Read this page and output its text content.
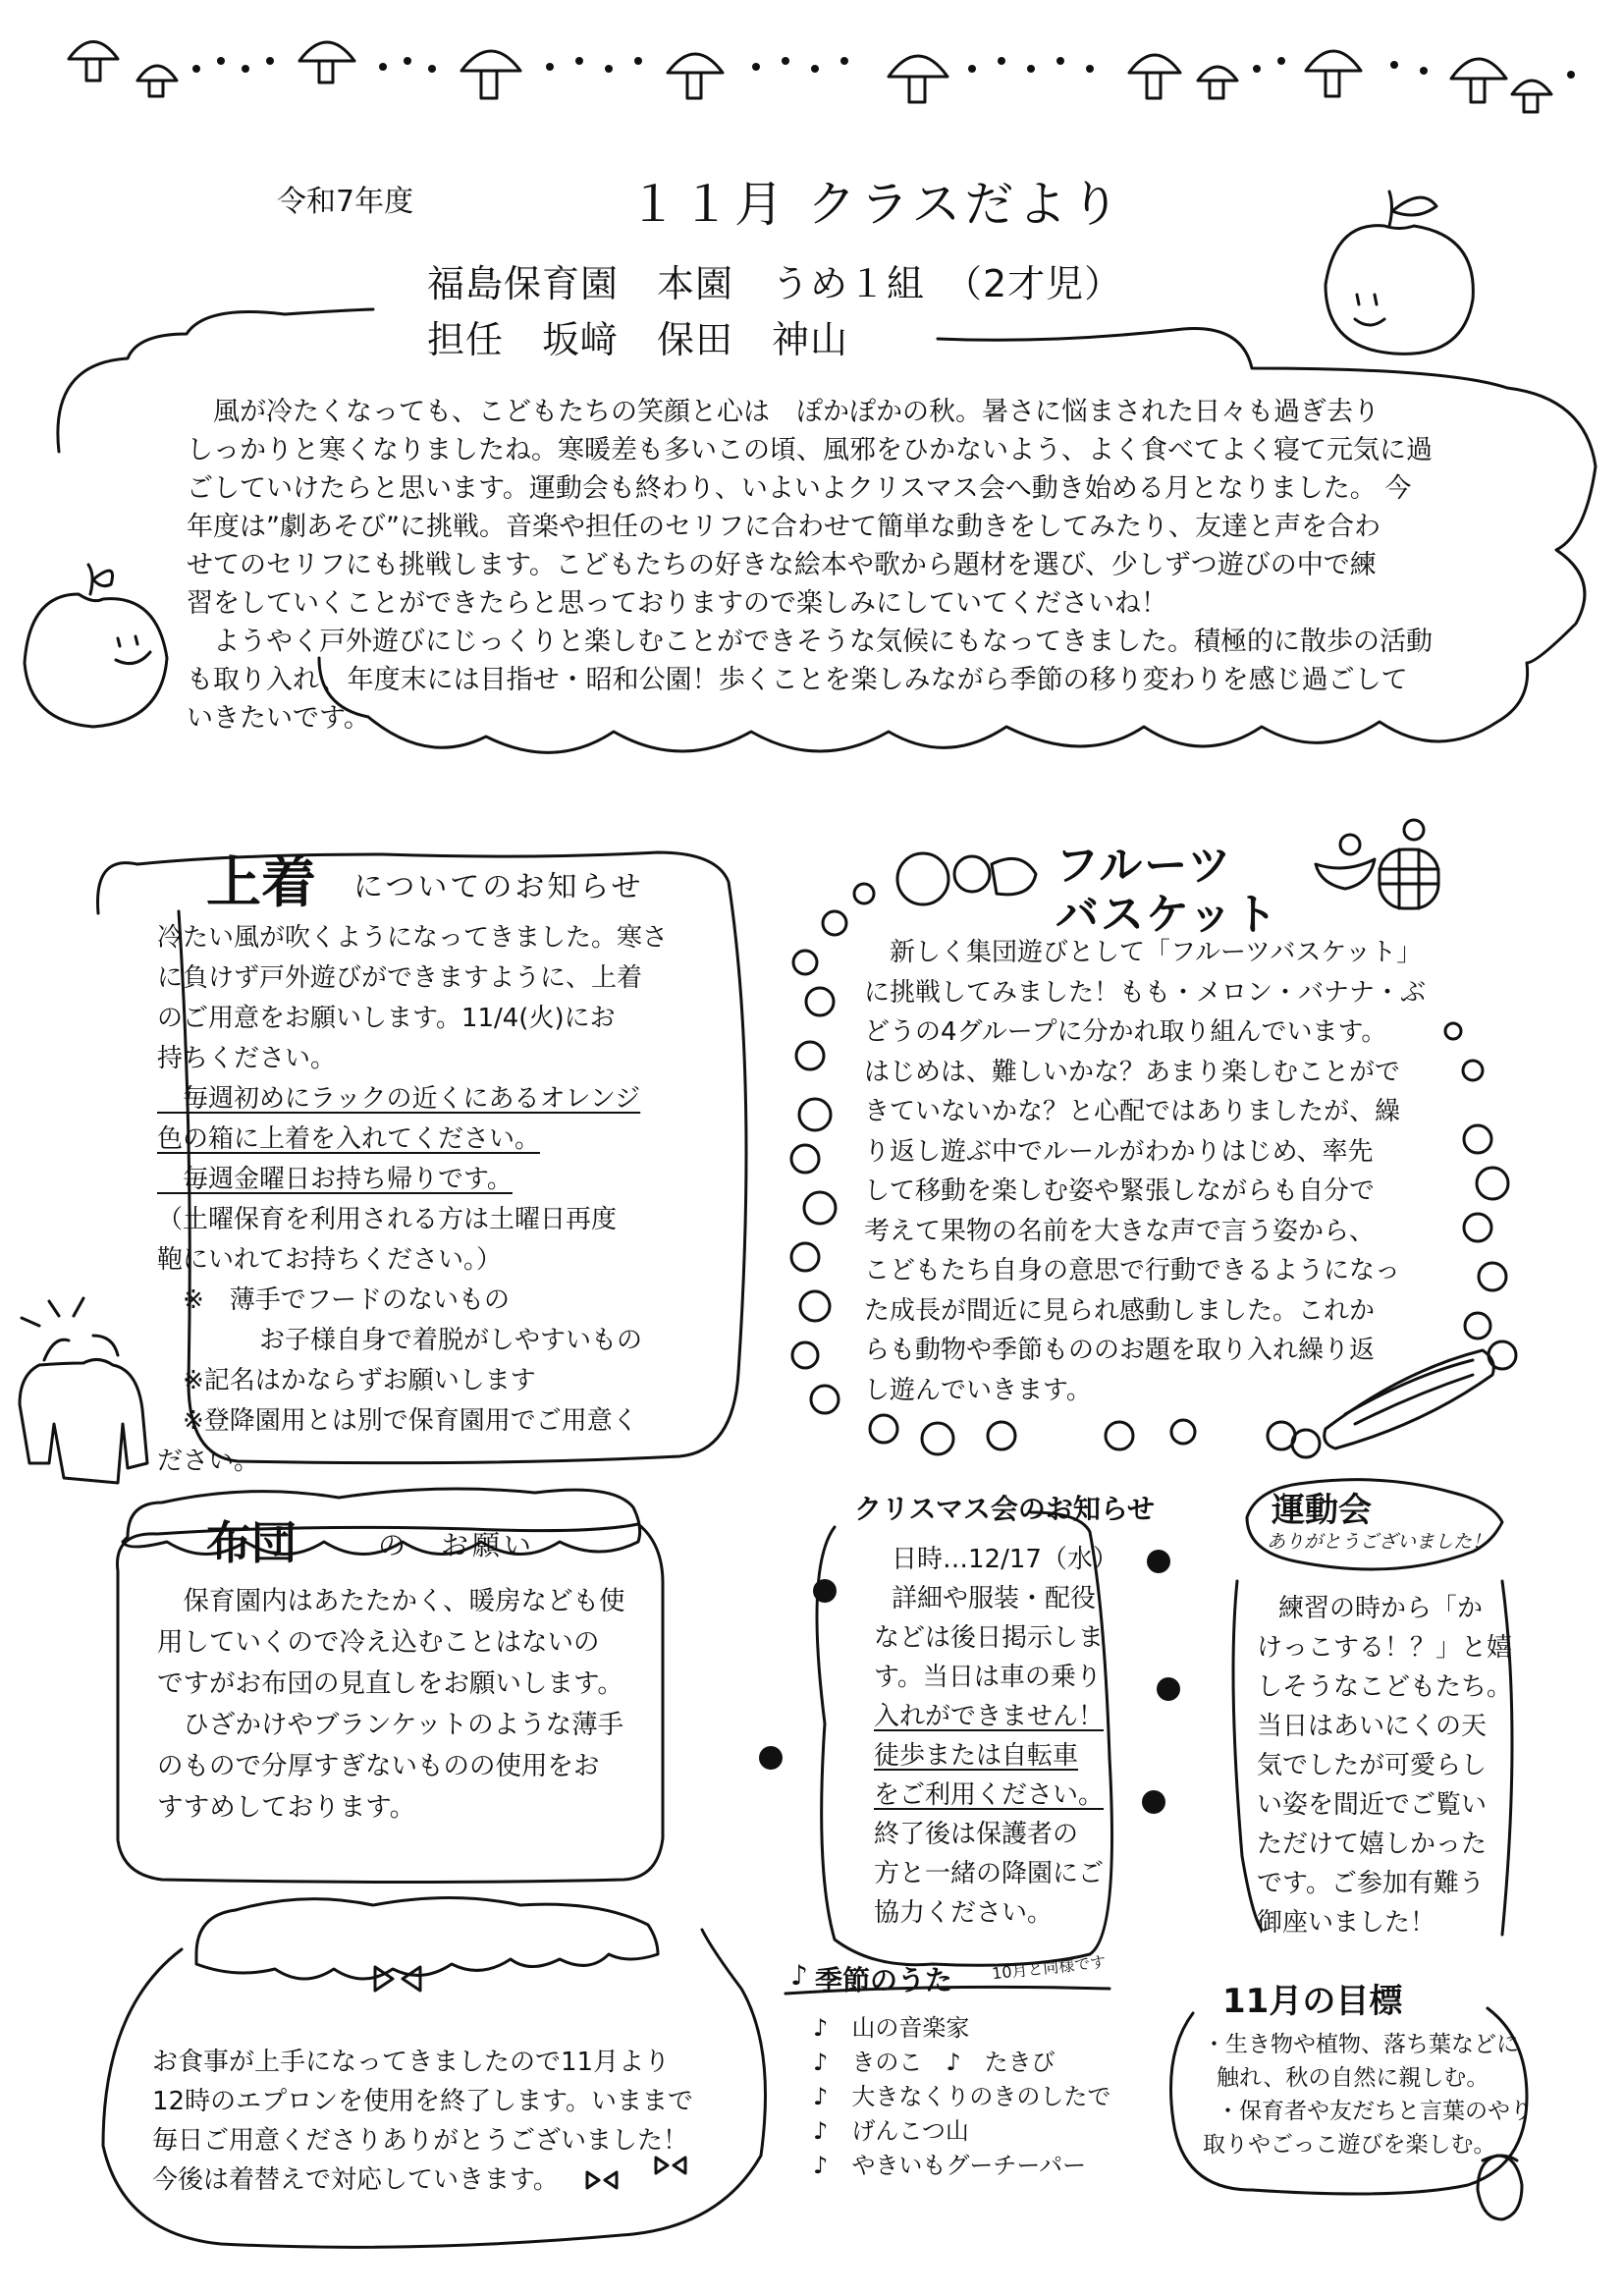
令和7年度	１１月 クラスだより
福島保育園　本園　うめ１組　（2才児）
担任　坂﨑　保田　神山
　風が冷たくなっても、こどもたちの笑顔と心は　ぽかぽかの秋。暑さに悩まされた日々も過ぎ去り
しっかりと寒くなりましたね。寒暖差も多いこの頃、風邪をひかないよう、よく食べてよく寝て元気に過
ごしていけたらと思います。運動会も終わり、いよいよクリスマス会へ動き始める月となりました。 今
年度は”劇あそび”に挑戦。音楽や担任のセリフに合わせて簡単な動きをしてみたり、友達と声を合わ
せてのセリフにも挑戦します。こどもたちの好きな絵本や歌から題材を選び、少しずつ遊びの中で練
習をしていくことができたらと思っておりますので楽しみにしていてくださいね！
　ようやく戸外遊びにじっくりと楽しむことができそうな気候にもなってきました。積極的に散歩の活動
も取り入れ、年度末には目指せ・昭和公園！歩くことを楽しみながら季節の移り変わりを感じ過ごして
いきたいです。
上着 についてのお知らせ
冷たい風が吹くようになってきました。寒さ
に負けず戸外遊びができますように、上着
のご用意をお願いします。11/4(火)にお
持ちください。
　毎週初めにラックの近くにあるオレンジ
色の箱に上着を入れてください。
　毎週金曜日お持ち帰りです。
（土曜保育を利用される方は土曜日再度
鞄にいれてお持ちください。）
　※　薄手でフードのないもの
　　　　お子様自身で着脱がしやすいもの
　※記名はかならずお願いします
　※登降園用とは別で保育園用でご用意く
ださい。
フルーツ
バスケット
　新しく集団遊びとして「フルーツバスケット」
に挑戦してみました！もも・メロン・バナナ・ぶ
どうの4グループに分かれ取り組んでいます。
はじめは、難しいかな？あまり楽しむことがで
きていないかな？と心配ではありましたが、繰
り返し遊ぶ中でルールがわかりはじめ、率先
して移動を楽しむ姿や緊張しながらも自分で
考えて果物の名前を大きな声で言う姿から、
こどもたち自身の意思で行動できるようになっ
た成長が間近に見られ感動しました。これか
らも動物や季節もののお題を取り入れ繰り返
し遊んでいきます。
布団	の　お願い
　保育園内はあたたかく、暖房なども使
用していくので冷え込むことはないの
ですがお布団の見直しをお願いします。
　ひざかけやブランケットのような薄手
のもので分厚すぎないものの使用をお
すすめしております。
クリスマス会のお知らせ
日時…12/17（水）
詳細や服装・配役
などは後日掲示しま
す。当日は車の乗り
入れができません！
徒歩または自転車
をご利用ください。
終了後は保護者の
方と一緒の降園にご
協力ください。
運動会
ありがとうございました！
練習の時から「か
けっこする！？」と嬉
しそうなこどもたち。
当日はあいにくの天
気でしたが可愛らし
い姿を間近でご覧い
ただけて嬉しかった
です。ご参加有難う
御座いました！
お食事が上手になってきましたので11月より
12時のエプロンを使用を終了します。いままで
毎日ご用意くださりありがとうございました！
今後は着替えで対応していきます。
♪ 季節のうた 10月と同様です
♪　山の音楽家
♪　きのこ　♪　たきび
♪　大きなくりのきのしたで
♪　げんこつ山
♪　やきいもグーチーパー
11月の目標
・生き物や植物、落ち葉などに
触れ、秋の自然に親しむ。
・保育者や友だちと言葉のやり
取りやごっこ遊びを楽しむ。
